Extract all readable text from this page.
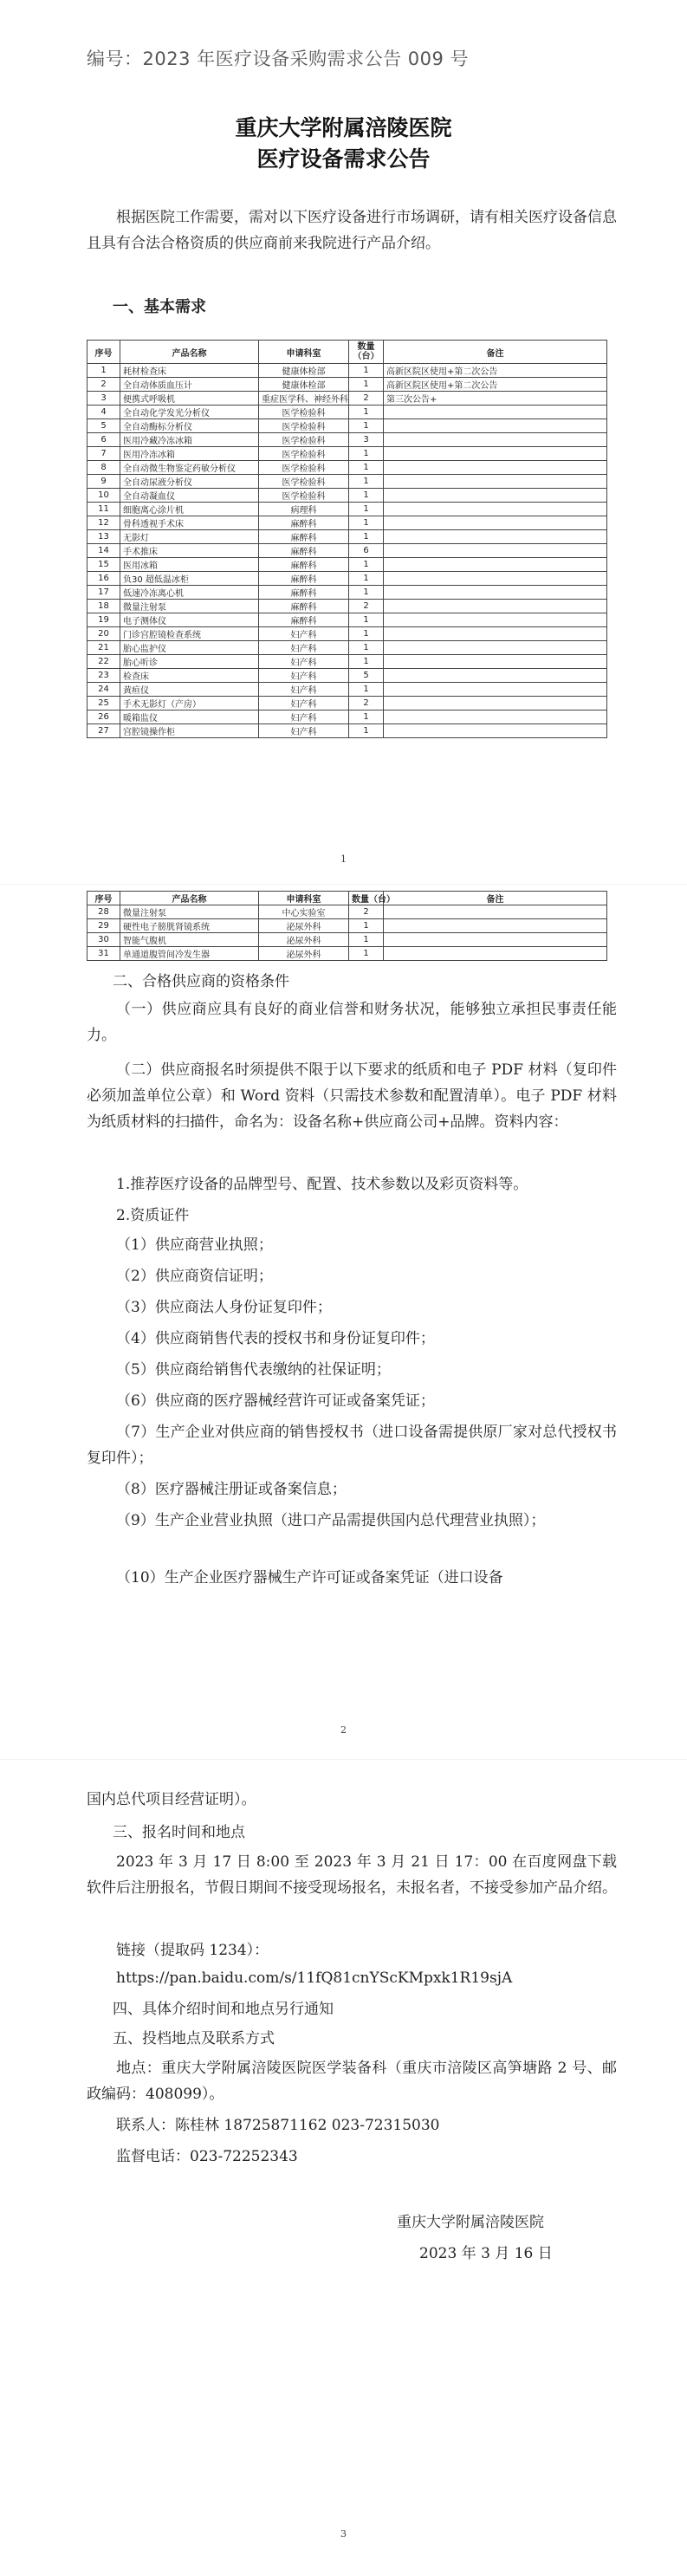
编号：2023 年医疗设备采购需求公告 009 号
重庆大学附属涪陵医院
医疗设备需求公告

根据医院工作需要，需对以下医疗设备进行市场调研，请有相关医疗设备信息且具有合法合格资质的供应商前来我院进行产品介绍。

一、基本需求

序号	产品名称	申请科室	数量（台）	备注
1	耗材检查床	健康体检部	1	高新区院区使用+第二次公告
2	全自动体质血压计	健康体检部	1	高新区院区使用+第二次公告
3	便携式呼吸机	重症医学科、神经外科	2	第三次公告+
4	全自动化学发光分析仪	医学检验科	1	
5	全自动酶标分析仪	医学检验科	1	
6	医用冷藏冷冻冰箱	医学检验科	3	
7	医用冷冻冰箱	医学检验科	1	
8	全自动微生物鉴定药敏分析仪	医学检验科	1	
9	全自动尿液分析仪	医学检验科	1	
10	全自动凝血仪	医学检验科	1	
11	细胞离心涂片机	病理科	1	
12	骨科透视手术床	麻醉科	1	
13	无影灯	麻醉科	1	
14	手术推床	麻醉科	6	
15	医用冰箱	麻醉科	1	
16	负30 超低温冰柜	麻醉科	1	
17	低速冷冻离心机	麻醉科	1	
18	微量注射泵	麻醉科	2	
19	电子测体仪	麻醉科	1	
20	门诊宫腔镜检查系统	妇产科	1	
21	胎心监护仪	妇产科	1	
22	胎心听诊	妇产科	1	
23	检查床	妇产科	5	
24	黄疸仪	妇产科	1	
25	手术无影灯（产房）	妇产科	2	
26	暖箱监仪	妇产科	1	
27	宫腔镜操作柜	妇产科	1	
1
序号	产品名称	申请科室	数量（台）	备注
28	微量注射泵	中心实验室	2	
29	硬性电子膀胱肾镜系统	泌尿外科	1	
30	智能气腹机	泌尿外科	1	
31	单通道腹管间冷发生器	泌尿外科	1	

二、合格供应商的资格条件

（一）供应商应具有良好的商业信誉和财务状况，能够独立承担民事责任能力。

（二）供应商报名时须提供不限于以下要求的纸质和电子 PDF 材料（复印件必须加盖单位公章）和 Word 资料（只需技术参数和配置清单）。电子 PDF 材料为纸质材料的扫描件，命名为：设备名称+供应商公司+品牌。资料内容：

1.推荐医疗设备的品牌型号、配置、技术参数以及彩页资料等。

2.资质证件

（1）供应商营业执照；

（2）供应商资信证明；

（3）供应商法人身份证复印件；

（4）供应商销售代表的授权书和身份证复印件；

（5）供应商给销售代表缴纳的社保证明；

（6）供应商的医疗器械经营许可证或备案凭证；

（7）生产企业对供应商的销售授权书（进口设备需提供原厂家对总代授权书复印件）；

（8）医疗器械注册证或备案信息；

（9）生产企业营业执照（进口产品需提供国内总代理营业执照）；

（10）生产企业医疗器械生产许可证或备案凭证（进口设备

2

国内总代项目经营证明）。

三、报名时间和地点

2023 年 3 月 17 日 8:00 至 2023 年 3 月 21 日 17：00 在百度网盘下载软件后注册报名，节假日期间不接受现场报名，未报名者，不接受参加产品介绍。

链接（提取码 1234）：

https://pan.baidu.com/s/11fQ81cnYScKMpxk1R19sjA

四、具体介绍时间和地点另行通知

五、投档地点及联系方式

地点：重庆大学附属涪陵医院医学装备科（重庆市涪陵区高笋塘路 2 号、邮政编码：408099）。

联系人：陈桂林 18725871162 023-72315030

监督电话：023-72252343

重庆大学附属涪陵医院
2023 年 3 月 16 日
3
